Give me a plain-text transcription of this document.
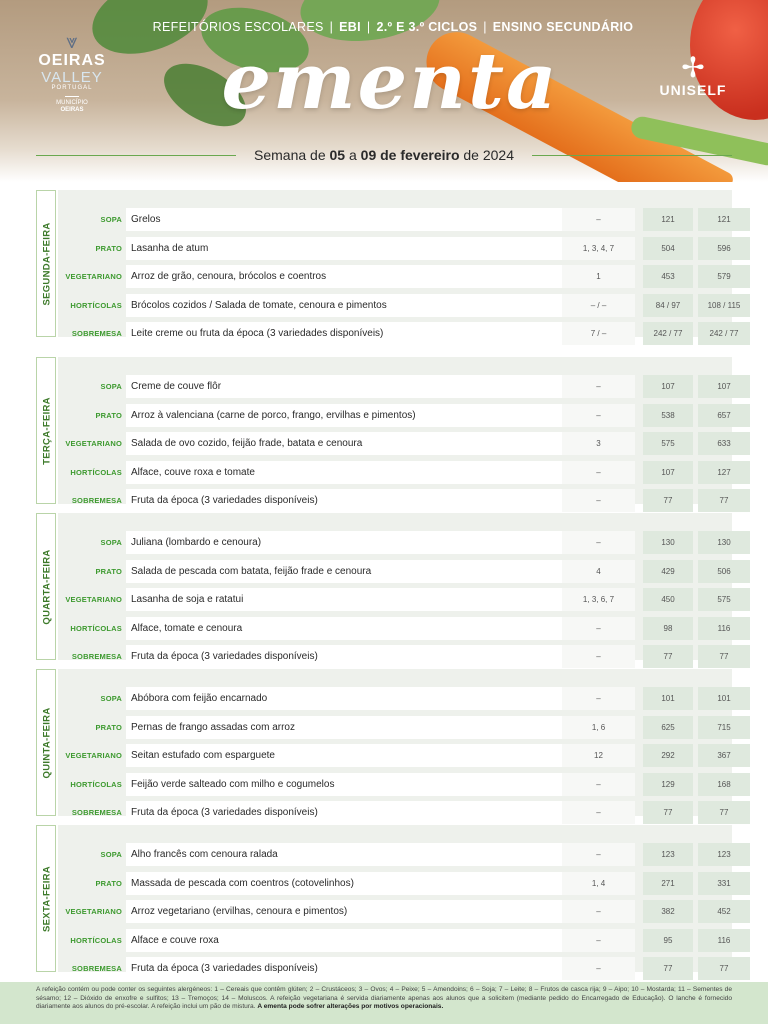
REFEITÓRIOS ESCOLARES | EBI | 2.º E 3.º CICLOS | ENSINO SECUNDÁRIO
⩔
OEIRAS
VALLEY
PORTUGAL
MUNICÍPIO
OEIRAS	ementa	✢
UNISELF
Semana de 05 a 09 de fevereiro de 2024
SEGUNDA-FEIRA
SOPA Grelos	–	121	121
PRATO Lasanha de atum	1, 3, 4, 7	504	596
VEGETARIANO Arroz de grão, cenoura, brócolos e coentros	1	453	579
HORTÍCOLAS Brócolos cozidos / Salada de tomate, cenoura e pimentos	– / –	84 / 97	108 / 115
SOBREMESA Leite creme ou fruta da época (3 variedades disponíveis)	7 / –	242 / 77	242 / 77
TERÇA-FEIRA
SOPA Creme de couve flôr	–	107	107
PRATO Arroz à valenciana (carne de porco, frango, ervilhas e pimentos)	–	538	657
VEGETARIANO Salada de ovo cozido, feijão frade, batata e cenoura	3	575	633
HORTÍCOLAS Alface, couve roxa e tomate	–	107	127
SOBREMESA Fruta da época (3 variedades disponíveis)	–	77	77
QUARTA-FEIRA
SOPA Juliana (lombardo e cenoura)	–	130	130
PRATO Salada de pescada com batata, feijão frade e cenoura	4	429	506
VEGETARIANO Lasanha de soja e ratatui	1, 3, 6, 7	450	575
HORTÍCOLAS Alface, tomate e cenoura	–	98	116
SOBREMESA Fruta da época (3 variedades disponíveis)	–	77	77
QUINTA-FEIRA
SOPA Abóbora com feijão encarnado	–	101	101
PRATO Pernas de frango assadas com arroz	1, 6	625	715
VEGETARIANO Seitan estufado com esparguete	12	292	367
HORTÍCOLAS Feijão verde salteado com milho e cogumelos	–	129	168
SOBREMESA Fruta da época (3 variedades disponíveis)	–	77	77
SEXTA-FEIRA
SOPA Alho francês com cenoura ralada	–	123	123
PRATO Massada de pescada com coentros (cotovelinhos)	1, 4	271	331
VEGETARIANO Arroz vegetariano (ervilhas, cenoura e pimentos)	–	382	452
HORTÍCOLAS Alface e couve roxa	–	95	116
SOBREMESA Fruta da época (3 variedades disponíveis)	–	77	77
A refeição contém ou pode conter os seguintes alergéneos: 1 – Cereais que contêm glúten; 2 – Crustáceos; 3 – Ovos; 4 – Peixe; 5 – Amendoins; 6 – Soja; 7 – Leite; 8 – Frutos de casca rija; 9 – Aipo; 10 – Mostarda; 11 – Sementes de sésamo; 12 – Dióxido de enxofre e sulfitos; 13 – Tremoços; 14 – Moluscos. A refeição vegetariana é servida diariamente apenas aos alunos que a solicitem (mediante pedido do Encarregado de Educação). O lanche é fornecido diariamente aos alunos do pré-escolar. A refeição inclui um pão de mistura. A ementa pode sofrer alterações por motivos operacionais.
